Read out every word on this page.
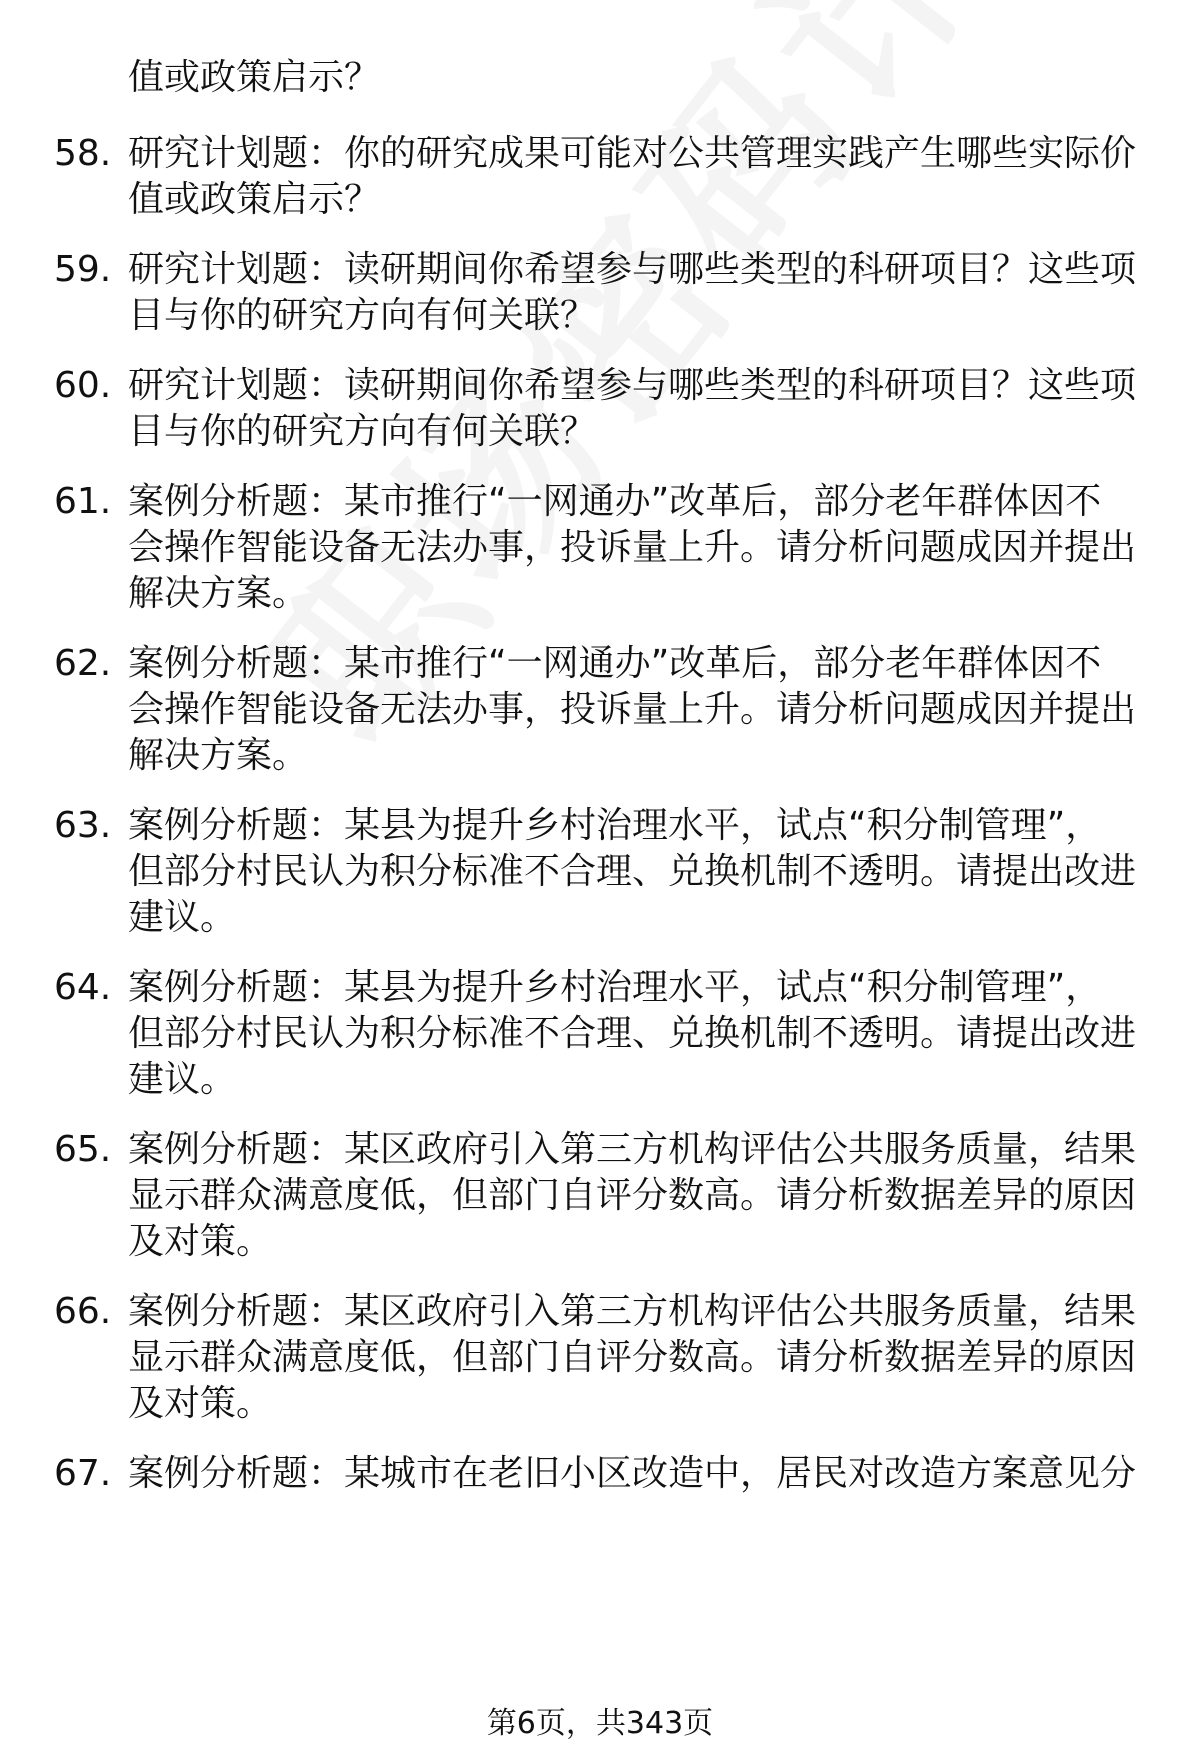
值或政策启示？
58. 研究计划题：你的研究成果可能对公共管理实践产生哪些实际价
值或政策启示？
59. 研究计划题：读研期间你希望参与哪些类型的科研项目？这些项
目与你的研究方向有何关联？
60. 研究计划题：读研期间你希望参与哪些类型的科研项目？这些项
目与你的研究方向有何关联？
61. 案例分析题：某市推行“一网通办”改革后，部分老年群体因不
会操作智能设备无法办事，投诉量上升。请分析问题成因并提出
解决方案。
62. 案例分析题：某市推行“一网通办”改革后，部分老年群体因不
会操作智能设备无法办事，投诉量上升。请分析问题成因并提出
解决方案。
63. 案例分析题：某县为提升乡村治理水平，试点“积分制管理”，
但部分村民认为积分标准不合理、兑换机制不透明。请提出改进
建议。
64. 案例分析题：某县为提升乡村治理水平，试点“积分制管理”，
但部分村民认为积分标准不合理、兑换机制不透明。请提出改进
建议。
65. 案例分析题：某区政府引入第三方机构评估公共服务质量，结果
显示群众满意度低，但部门自评分数高。请分析数据差异的原因
及对策。
66. 案例分析题：某区政府引入第三方机构评估公共服务质量，结果
显示群众满意度低，但部门自评分数高。请分析数据差异的原因
及对策。
67. 案例分析题：某城市在老旧小区改造中，居民对改造方案意见分
第6页，共343页
